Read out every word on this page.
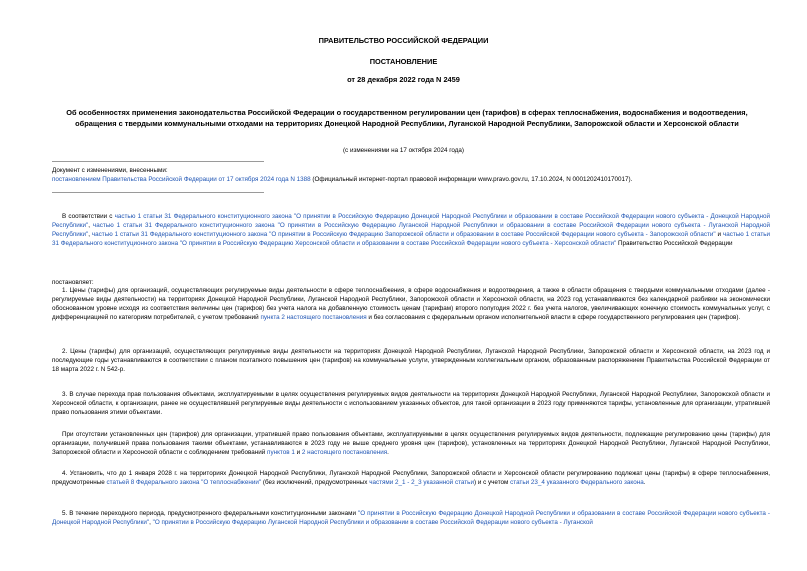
ПРАВИТЕЛЬСТВО РОССИЙСКОЙ ФЕДЕРАЦИИ
ПОСТАНОВЛЕНИЕ
от 28 декабря 2022 года N 2459
Об особенностях применения законодательства Российской Федерации о государственном регулировании цен (тарифов) в сферах теплоснабжения, водоснабжения и водоотведения, обращения с твердыми коммунальными отходами на территориях Донецкой Народной Республики, Луганской Народной Республики, Запорожской области и Херсонской области
(с изменениями на 17 октября 2024 года)
Документ с изменениями, внесенными:
постановлением Правительства Российской Федерации от 17 октября 2024 года N 1388 (Официальный интернет-портал правовой информации www.pravo.gov.ru, 17.10.2024, N 0001202410170017).
В соответствии с частью 1 статьи 31 Федерального конституционного закона "О принятии в Российскую Федерацию Донецкой Народной Республики и образовании в составе Российской Федерации нового субъекта - Донецкой Народной Республики", частью 1 статьи 31 Федерального конституционного закона "О принятии в Российскую Федерацию Луганской Народной Республики и образовании в составе Российской Федерации нового субъекта - Луганской Народной Республики", частью 1 статьи 31 Федерального конституционного закона "О принятии в Российскую Федерацию Запорожской области и образовании в составе Российской Федерации нового субъекта - Запорожской области" и частью 1 статьи 31 Федерального конституционного закона "О принятии в Российскую Федерацию Херсонской области и образовании в составе Российской Федерации нового субъекта - Херсонской области" Правительство Российской Федерации
постановляет:
1. Цены (тарифы) для организаций, осуществляющих регулируемые виды деятельности в сфере теплоснабжения, в сфере водоснабжения и водоотведения, а также в области обращения с твердыми коммунальными отходами (далее - регулируемые виды деятельности) на территориях Донецкой Народной Республики, Луганской Народной Республики, Запорожской области и Херсонской области, на 2023 год устанавливаются без календарной разбивки на экономически обоснованном уровне исходя из соответствия величины цен (тарифов) без учета налога на добавленную стоимость ценам (тарифам) второго полугодия 2022 г. без учета налогов, увеличивающих конечную стоимость коммунальных услуг, с дифференциацией по категориям потребителей, с учетом требований пункта 2 настоящего постановления и без согласования с федеральным органом исполнительной власти в сфере государственного регулирования цен (тарифов).
2. Цены (тарифы) для организаций, осуществляющих регулируемые виды деятельности на территориях Донецкой Народной Республики, Луганской Народной Республики, Запорожской области и Херсонской области, на 2023 год и последующие годы устанавливаются в соответствии с планом поэтапного повышения цен (тарифов) на коммунальные услуги, утвержденным коллегиальным органом, образованным распоряжением Правительства Российской Федерации от 18 марта 2022 г. N 542-р.
3. В случае перехода прав пользования объектами, эксплуатируемыми в целях осуществления регулируемых видов деятельности на территориях Донецкой Народной Республики, Луганской Народной Республики, Запорожской области и Херсонской области, к организации, ранее не осуществлявшей регулируемые виды деятельности с использованием указанных объектов, для такой организации в 2023 году применяются тарифы, установленные для организации, утратившей право пользования этими объектами.
При отсутствии установленных цен (тарифов) для организации, утратившей право пользования объектами, эксплуатируемыми в целях осуществления регулируемых видов деятельности, подлежащие регулированию цены (тарифы) для организации, получившей права пользования такими объектами, устанавливаются в 2023 году не выше среднего уровня цен (тарифов), установленных на территориях Донецкой Народной Республики, Луганской Народной Республики, Запорожской области и Херсонской области с соблюдением требований пунктов 1 и 2 настоящего постановления.
4. Установить, что до 1 января 2028 г. на территориях Донецкой Народной Республики, Луганской Народной Республики, Запорожской области и Херсонской области регулированию подлежат цены (тарифы) в сфере теплоснабжения, предусмотренные статьей 8 Федерального закона "О теплоснабжении" (без исключений, предусмотренных частями 2_1 - 2_3 указанной статьи) и с учетом статьи 23_4 указанного Федерального закона.
5. В течение переходного периода, предусмотренного федеральными конституционными законами "О принятии в Российскую Федерацию Донецкой Народной Республики и образовании в составе Российской Федерации нового субъекта - Донецкой Народной Республики", "О принятии в Российскую Федерацию Луганской Народной Республики и образовании в составе Российской Федерации нового субъекта - Луганской
